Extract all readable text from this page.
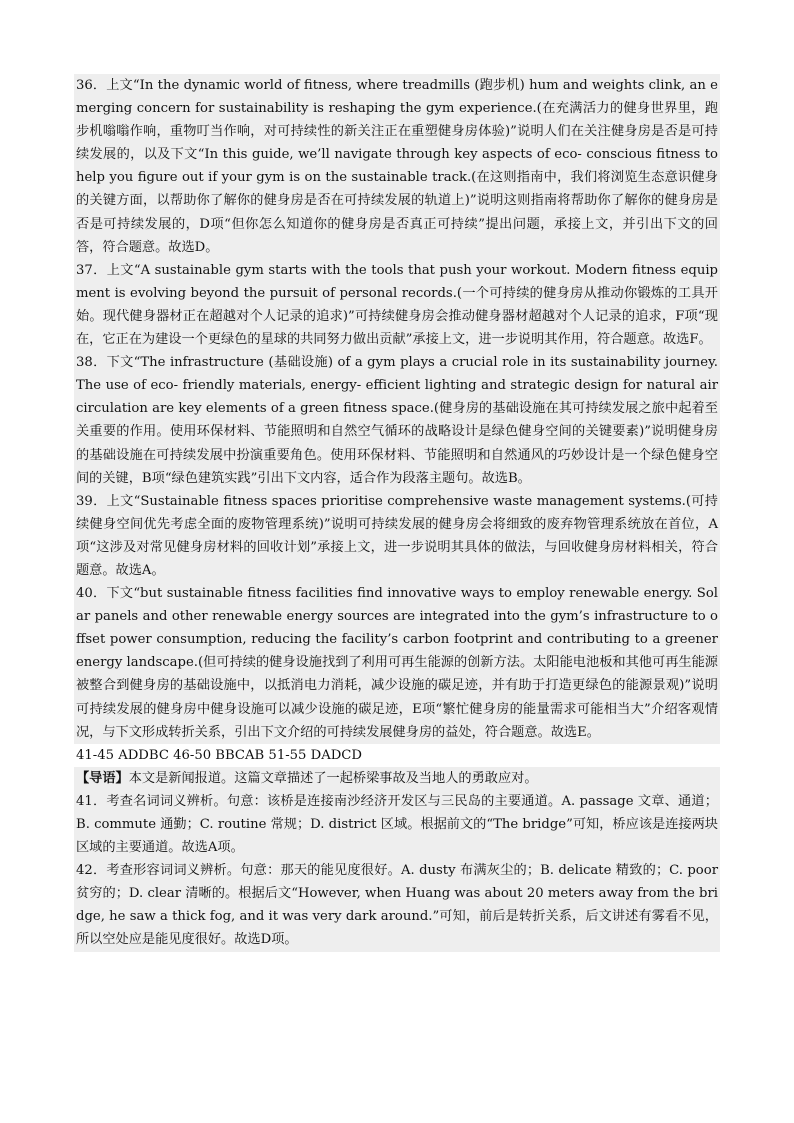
36．上文“In the dynamic world of fitness, where treadmills (跑步机) hum and weights clink, an emerging concern for sustainability is reshaping the gym experience.(在充满活力的健身世界里，跑步机嗡嗡作响，重物叮当作响，对可持续性的新关注正在重塑健身房体验)”说明人们在关注健身房是否是可持续发展的，以及下文“In this guide, we’ll navigate through key aspects of eco- conscious fitness to help you figure out if your gym is on the sustainable track.(在这则指南中，我们将浏览生态意识健身的关键方面，以帮助你了解你的健身房是否在可持续发展的轨道上)”说明这则指南将帮助你了解你的健身房是否是可持续发展的，D项“但你怎么知道你的健身房是否真正可持续”提出问题，承接上文，并引出下文的回答，符合题意。故选D。

37．上文“A sustainable gym starts with the tools that push your workout. Modern fitness equipment is evolving beyond the pursuit of personal records.(一个可持续的健身房从推动你锻炼的工具开始。现代健身器材正在超越对个人记录的追求)”可持续健身房会推动健身器材超越对个人记录的追求，F项“现在，它正在为建设一个更绿色的星球的共同努力做出贡献”承接上文，进一步说明其作用，符合题意。故选F。

38．下文“The infrastructure (基础设施) of a gym plays a crucial role in its sustainability journey. The use of eco- friendly materials, energy- efficient lighting and strategic design for natural air circulation are key elements of a green fitness space.(健身房的基础设施在其可持续发展之旅中起着至关重要的作用。使用环保材料、节能照明和自然空气循环的战略设计是绿色健身空间的关键要素)”说明健身房的基础设施在可持续发展中扮演重要角色。使用环保材料、节能照明和自然通风的巧妙设计是一个绿色健身空间的关键，B项“绿色建筑实践”引出下文内容，适合作为段落主题句。故选B。

39．上文“Sustainable fitness spaces prioritise comprehensive waste management systems.(可持续健身空间优先考虑全面的废物管理系统)”说明可持续发展的健身房会将细致的废弃物管理系统放在首位，A项“这涉及对常见健身房材料的回收计划”承接上文，进一步说明其具体的做法，与回收健身房材料相关，符合题意。故选A。

40．下文“but sustainable fitness facilities find innovative ways to employ renewable energy. Solar panels and other renewable energy sources are integrated into the gym’s infrastructure to offset power consumption, reducing the facility’s carbon footprint and contributing to a greener energy landscape.(但可持续的健身设施找到了利用可再生能源的创新方法。太阳能电池板和其他可再生能源被整合到健身房的基础设施中，以抵消电力消耗，减少设施的碳足迹，并有助于打造更绿色的能源景观)”说明可持续发展的健身房中健身设施可以减少设施的碳足迹，E项“繁忙健身房的能量需求可能相当大”介绍客观情况，与下文形成转折关系，引出下文介绍的可持续发展健身房的益处，符合题意。故选E。

41-45 ADDBC 46-50 BBCAB 51-55 DADCD

【导语】本文是新闻报道。这篇文章描述了一起桥梁事故及当地人的勇敢应对。

41．考查名词词义辨析。句意：该桥是连接南沙经济开发区与三民岛的主要通道。A. passage 文章、通道；B. commute 通勤；C. routine 常规；D. district 区域。根据前文的“The bridge”可知，桥应该是连接两块区域的主要通道。故选A项。

42．考查形容词词义辨析。句意：那天的能见度很好。A. dusty 布满灰尘的；B. delicate 精致的；C. poor 贫穷的；D. clear 清晰的。根据后文“However, when Huang was about 20 meters away from the bridge, he saw a thick fog, and it was very dark around.”可知，前后是转折关系，后文讲述有雾看不见，所以空处应是能见度很好。故选D项。
